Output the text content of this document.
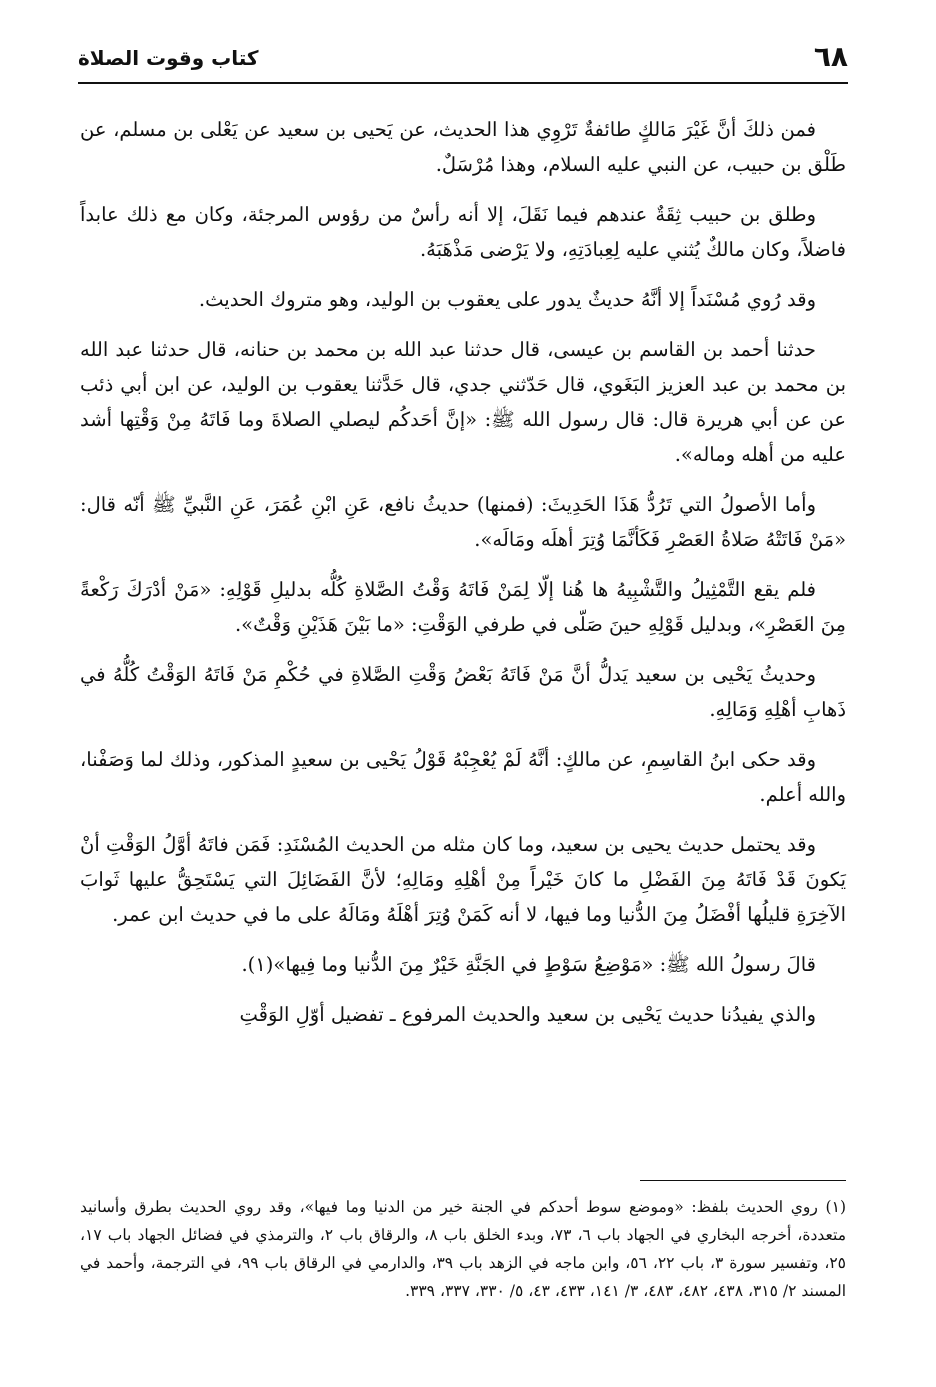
٦٨
كتاب وقوت الصلاة

فمن ذلكَ أنَّ غَيْرَ مَالكٍ طائفةٌ تَرْوِي هذا الحديث، عن يَحيى بن سعيد عن يَعْلى بن مسلم، عن طَلْق بن حبيب، عن النبي عليه السلام، وهذا مُرْسَلٌ.

وطلق بن حبيب ثِقَةٌ عندهم فيما نَقَلَ، إلا أنه رأسٌ من رؤوس المرجئة، وكان مع ذلك عابداً فاضلاً، وكان مالكٌ يُثني عليه لِعِبادَتِهِ، ولا يَرْضى مَذْهَبَهُ.

وقد رُوي مُسْنَداً إلا أنَّهُ حديثٌ يدور على يعقوب بن الوليد، وهو متروك الحديث.

حدثنا أحمد بن القاسم بن عيسى، قال حدثنا عبد الله بن محمد بن حنانه، قال حدثنا عبد الله بن محمد بن عبد العزيز البَغَوي، قال حَدّثني جدي، قال حَدَّثنا يعقوب بن الوليد، عن ابن أبي ذئب عن عن أبي هريرة قال: قال رسول الله ﷺ: «إنَّ أحَدكُم ليصلي الصلاةَ وما فَاتَهُ مِنْ وَقْتِها أشد عليه من أهله وماله».

وأما الأصولُ التي تَرُدُّ هَذَا الحَدِيثَ: (فمنها) حديثُ نافع، عَنِ ابْنِ عُمَرَ، عَنِ النَّبيِّ ﷺ أنّه قال: «مَنْ فَاتَتْهُ صَلاةُ العَصْرِ فَكَأنَّمَا وُتِرَ أهلَه ومَالَه».

فلم يقع التَّمْثِيلُ والتَّشْبِيهُ ها هُنا إلّا لِمَنْ فَاتَهُ وَقْتُ الصَّلاةِ كُلُّه بدليلِ قَوْلِهِ: «مَنْ أدْرَكَ رَكْعةً مِنَ العَصْرِ»، وبدليل قَوْلِهِ حينَ صَلّى في طرفي الوَقْتِ: «ما بَيْنَ هَذَيْنِ وَقْتٌ».

وحديثُ يَحْيى بن سعيد يَدلُّ أنَّ مَنْ فَاتَهُ بَعْضُ وَقْتِ الصَّلاةِ في حُكْمِ مَنْ فَاتَهُ الوَقْتُ كُلُّهُ في ذَهابِ أهْلِهِ وَمَالِهِ.

وقد حكى ابنُ القاسِمِ، عن مالكٍ: أنَّهُ لَمْ يُعْجِبْهُ قَوْلُ يَحْيى بن سعيدٍ المذكور، وذلك لما وَصَفْنا، والله أعلم.

وقد يحتمل حديث يحيى بن سعيد، وما كان مثله من الحديث المُسْنَدِ: فَمَن فاتَهُ أوَّلُ الوَقْتِ أنْ يَكونَ قَدْ فَاتَهُ مِنَ الفَضْلِ ما كانَ خَيْراً مِنْ أهْلِهِ ومَالِهِ؛ لأنَّ الفَضَائِلَ التي يَسْتَحِقُّ عليها ثَوابَ الآخِرَةِ قليلُها أفْضَلُ مِنَ الدُّنيا وما فيها، لا أنه كَمَنْ وُتِرَ أهْلَهُ ومَالَهُ على ما في حديث ابن عمر.

قالَ رسولُ الله ﷺ: «مَوْضِعُ سَوْطٍ في الجَنَّةِ خَيْرٌ مِنَ الدُّنيا وما فِيها»(١).

والذي يفيدُنا حديث يَحْيى بن سعيد والحديث المرفوع ـ تفضيل أوّلِ الوَقْتِ

(١) روي الحديث بلفظ: «وموضع سوط أحدكم في الجنة خير من الدنيا وما فيها»، وقد روي الحديث بطرق وأسانيد متعددة، أخرجه البخاري في الجهاد باب ٦، ٧٣، وبدء الخلق باب ٨، والرقاق باب ٢، والترمذي في فضائل الجهاد باب ١٧، ٢٥، وتفسير سورة ٣، باب ٢٢، ٥٦، وابن ماجه في الزهد باب ٣٩، والدارمي في الرقاق باب ٩٩، في الترجمة، وأحمد في المسند ٢/ ٣١٥، ٤٣٨، ٤٨٢، ٤٨٣، ٣/ ١٤١، ٤٣٣، ٤٣، ٥/ ٣٣٠، ٣٣٧، ٣٣٩.
